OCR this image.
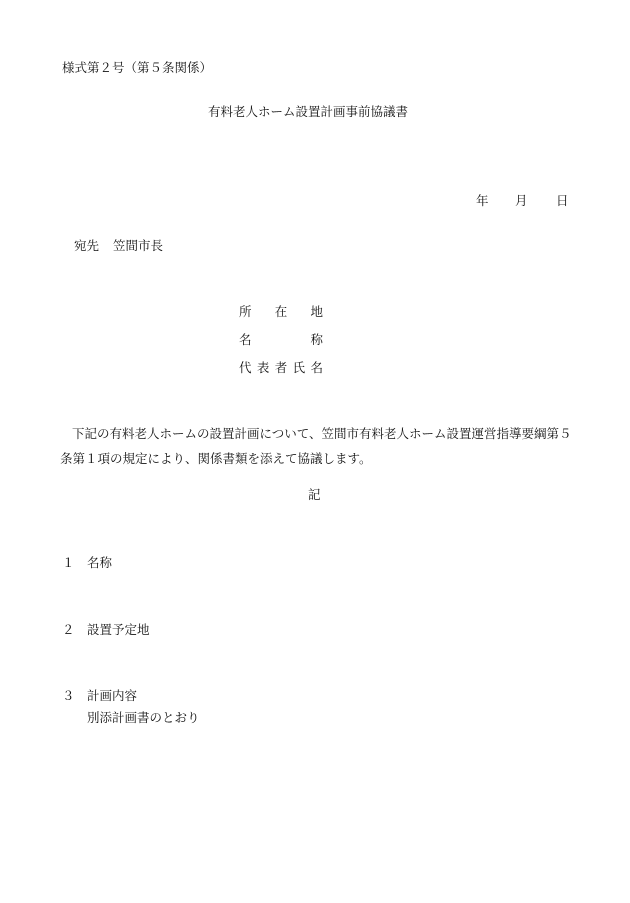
様式第２号（第５条関係）
有料老人ホーム設置計画事前協議書
年 月 日
宛先 笠間市長
所 在 地
名	称
代 表 者 氏 名
下記の有料老人ホームの設置計画について、笠間市有料老人ホーム設置運営指導要綱第５条第１項の規定により、関係書類を添えて協議します。
記
１ 名称
２ 設置予定地
３ 計画内容
別添計画書のとおり
